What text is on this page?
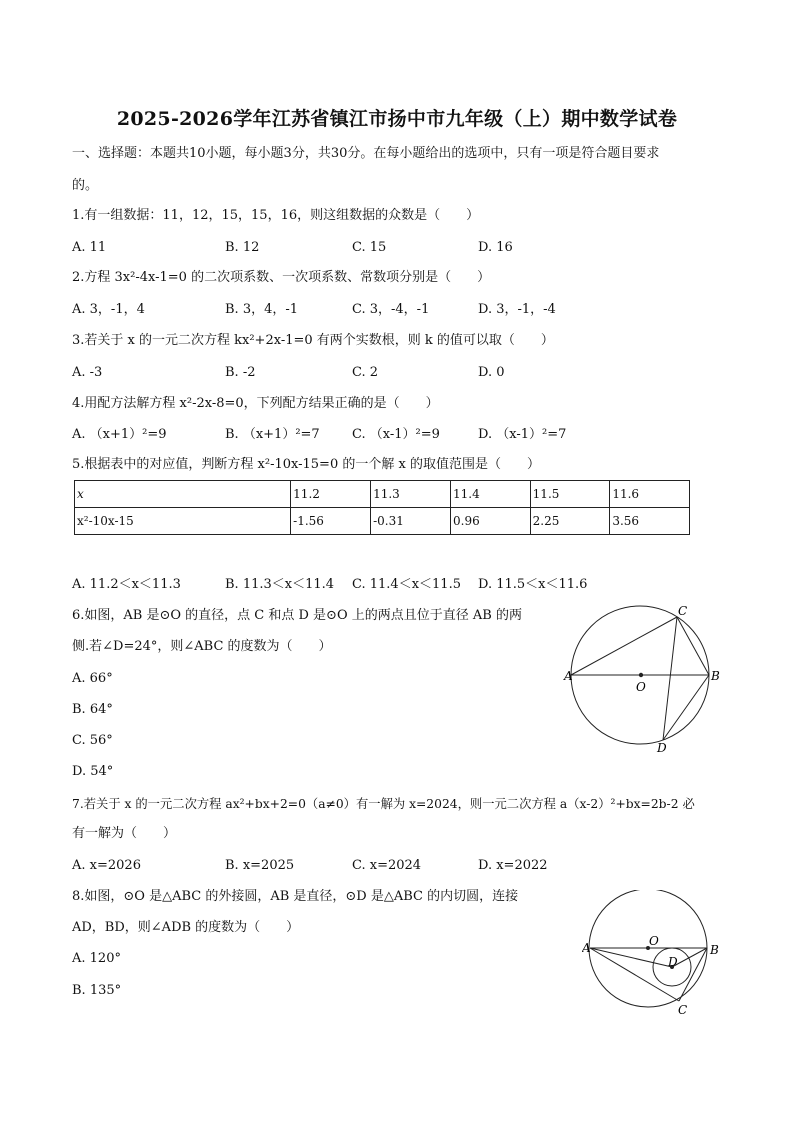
2025-2026学年江苏省镇江市扬中市九年级（上）期中数学试卷
一、选择题：本题共10小题，每小题3分，共30分。在每小题给出的选项中，只有一项是符合题目要求
的。
1.有一组数据：11，12，15，15，16，则这组数据的众数是（　　）
A. 11	B. 12	C. 15	D. 16
2.方程 3x²-4x-1=0 的二次项系数、一次项系数、常数项分别是（　　）
A. 3，-1，4	B. 3，4，-1	C. 3，-4，-1	D. 3，-1，-4
3.若关于 x 的一元二次方程 kx²+2x-1=0 有两个实数根，则 k 的值可以取（　　）
A. -3	B. -2	C. 2	D. 0
4.用配方法解方程 x²-2x-8=0，下列配方结果正确的是（　　）
A. （x+1）²=9	B. （x+1）²=7 C. （x-1）²=9	D. （x-1）²=7
5.根据表中的对应值，判断方程 x²-10x-15=0 的一个解 x 的取值范围是（　　）
x	11.2	11.3	11.4	11.5	11.6
x²-10x-15	-1.56	-0.31	0.96	2.25	3.56
A. 11.2＜x＜11.3	B. 11.3＜x＜11.4 C. 11.4＜x＜11.5 D. 11.5＜x＜11.6
6.如图，AB 是⊙O 的直径，点 C 和点 D 是⊙O 上的两点且位于直径 AB 的两
侧.若∠D=24°，则∠ABC 的度数为（　　）
A. 66°
B. 64°
C. 56°
D. 54°
A	B
C
D
O
7.若关于 x 的一元二次方程 ax²+bx+2=0（a≠0）有一解为 x=2024，则一元二次方程 a（x-2）²+bx=2b-2 必
有一解为（　　）
A. x=2026	B. x=2025	C. x=2024	D. x=2022
8.如图，⊙O 是△ABC 的外接圆，AB 是直径，⊙D 是△ABC 的内切圆，连接
AD，BD，则∠ADB 的度数为（　　）
A. 120°
B. 135°
A	B
C
D
O
